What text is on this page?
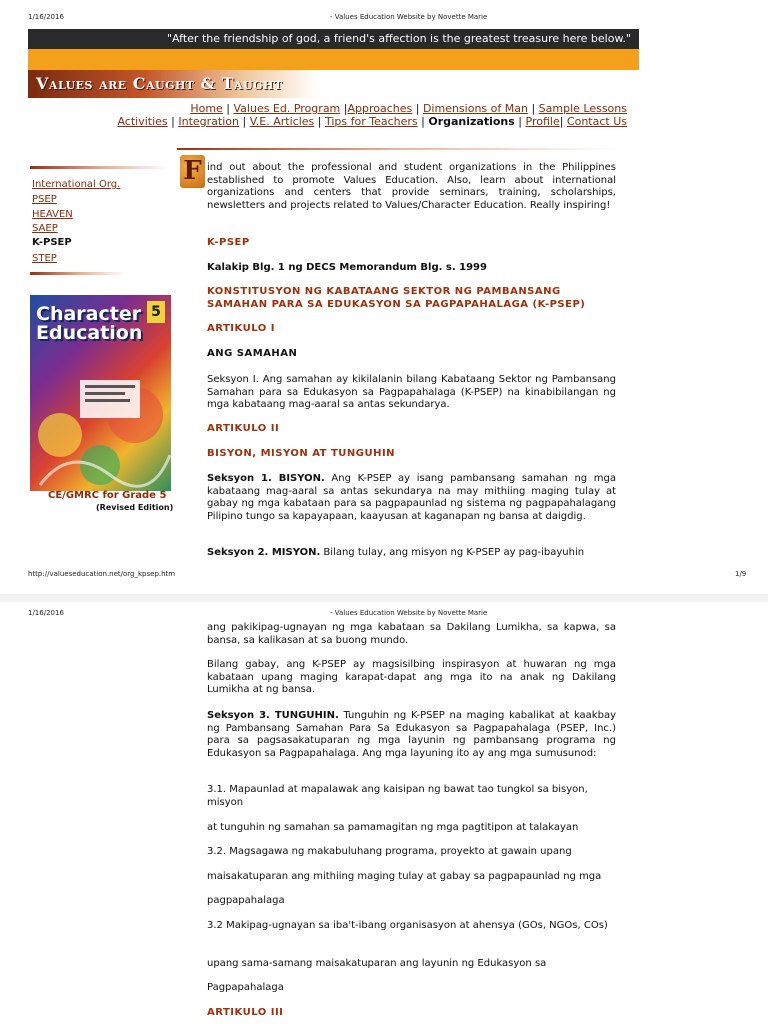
1/16/2016	- Values Education Website by Novette Marie
"After the friendship of god, a friend's affection is the greatest treasure here below."
Values are Caught & Taught
Home | Values Ed. Program |Approaches | Dimensions of Man | Sample Lessons
Activities | Integration | V.E. Articles | Tips for Teachers | Organizations | Profile| Contact Us
International Org.
PSEP
HEAVEN
SAEP
K-PSEP
STEP
Character Education
5
CE/GMRC for Grade 5
(Revised Edition)
F ind out about the professional and student organizations in the Philippines established to promote Values Education. Also, learn about international organizations and centers that provide seminars, training, scholarships, newsletters and projects related to Values/Character Education. Really inspiring!
K-PSEP
Kalakip Blg. 1 ng DECS Memorandum Blg. s. 1999
KONSTITUSYON NG KABATAANG SEKTOR NG PAMBANSANG SAMAHAN PARA SA EDUKASYON SA PAGPAPAHALAGA (K-PSEP)
ARTIKULO I
ANG SAMAHAN
Seksyon I. Ang samahan ay kikilalanin bilang Kabataang Sektor ng Pambansang Samahan para sa Edukasyon sa Pagpapahalaga (K-PSEP) na kinabibilangan ng mga kabataang mag-aaral sa antas sekundarya.
ARTIKULO II
BISYON, MISYON AT TUNGUHIN
Seksyon 1. BISYON. Ang K-PSEP ay isang pambansang samahan ng mga kabataang mag-aaral sa antas sekundarya na may mithiing maging tulay at gabay ng mga kabataan para sa pagpapaunlad ng sistema ng pagpapahalagang Pilipino tungo sa kapayapaan, kaayusan at kaganapan ng bansa at daigdig.
Seksyon 2. MISYON. Bilang tulay, ang misyon ng K-PSEP ay pag-ibayuhin
http://valueseducation.net/org_kpsep.htm	1/9
1/16/2016	- Values Education Website by Novette Marie
ang pakikipag-ugnayan ng mga kabataan sa Dakilang Lumikha, sa kapwa, sa bansa, sa kalikasan at sa buong mundo.
Bilang gabay, ang K-PSEP ay magsisilbing inspirasyon at huwaran ng mga kabataan upang maging karapat-dapat ang mga ito na anak ng Dakilang Lumikha at ng bansa.
Seksyon 3. TUNGUHIN. Tunguhin ng K-PSEP na maging kabalikat at kaakbay ng Pambansang Samahan Para Sa Edukasyon sa Pagpapahalaga (PSEP, Inc.) para sa pagsasakatuparan ng mga layunin ng pambansang programa ng Edukasyon sa Pagpapahalaga. Ang mga layuning ito ay ang mga sumusunod:
3.1. Mapaunlad at mapalawak ang kaisipan ng bawat tao tungkol sa bisyon, misyon
at tunguhin ng samahan sa pamamagitan ng mga pagtitipon at talakayan
3.2. Magsagawa ng makabuluhang programa, proyekto at gawain upang
maisakatuparan ang mithiing maging tulay at gabay sa pagpapaunlad ng mga
pagpapahalaga
3.2 Makipag-ugnayan sa iba't-ibang organisasyon at ahensya (GOs, NGOs, COs)
upang sama-samang maisakatuparan ang layunin ng Edukasyon sa
Pagpapahalaga
ARTIKULO III
